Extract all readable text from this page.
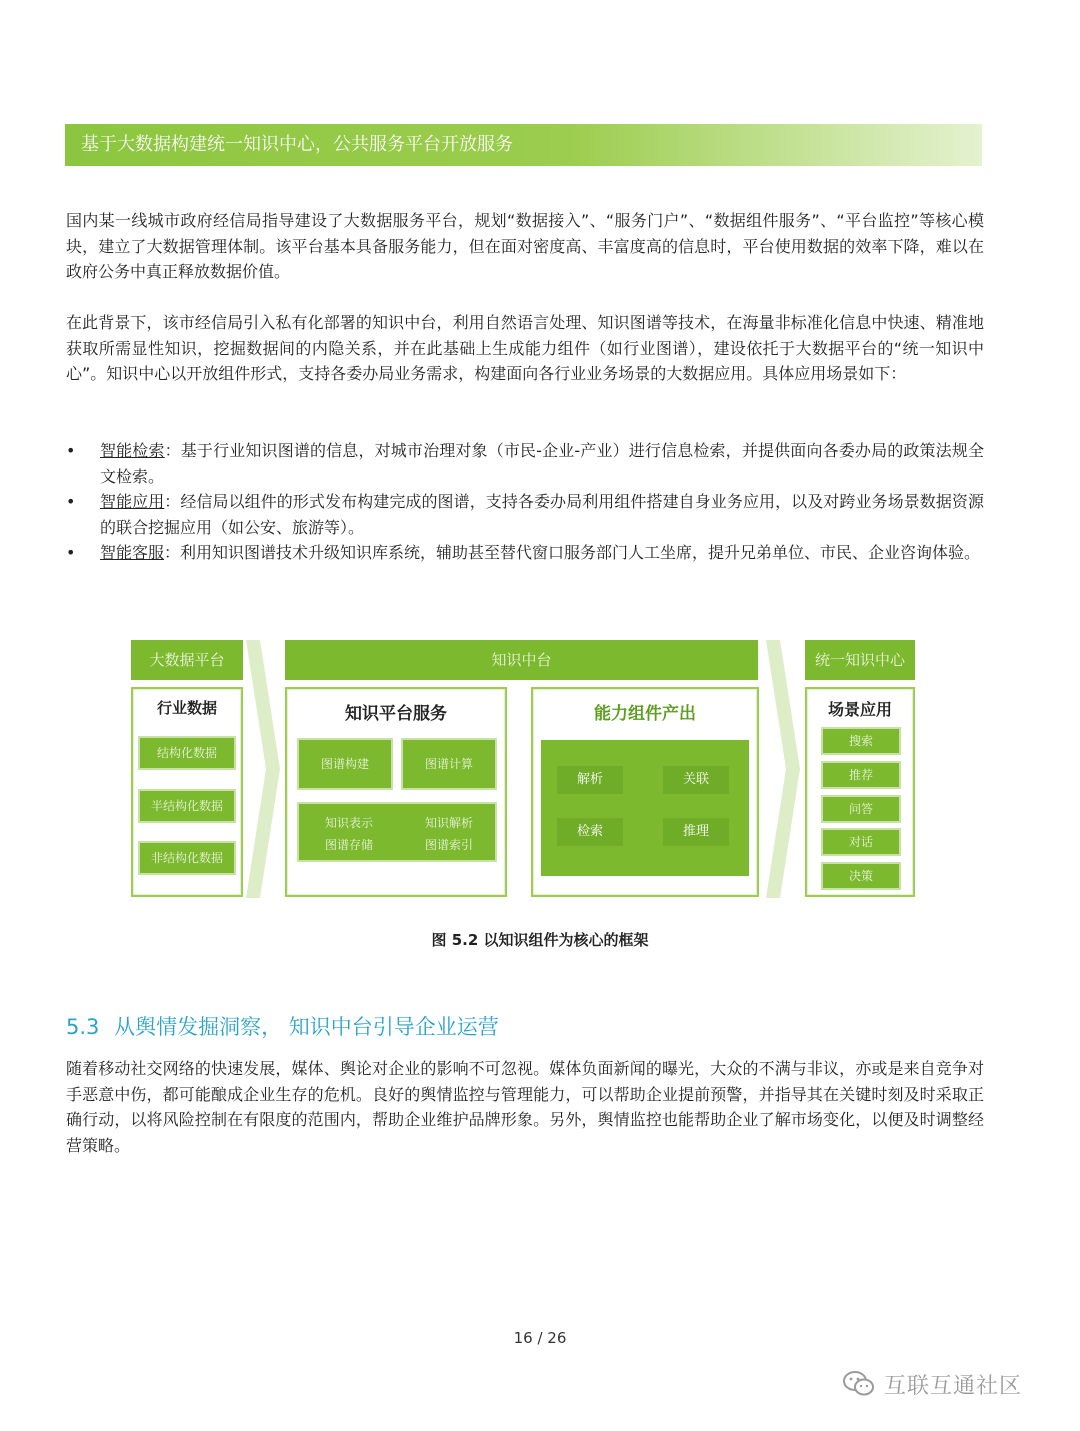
基于大数据构建统一知识中心，公共服务平台开放服务

国内某一线城市政府经信局指导建设了大数据服务平台，规划“数据接入”、“服务门户”、“数据组件服务”、“平台监控”等核心模块，建立了大数据管理体制。该平台基本具备服务能力，但在面对密度高、丰富度高的信息时，平台使用数据的效率下降，难以在政府公务中真正释放数据价值。

在此背景下，该市经信局引入私有化部署的知识中台，利用自然语言处理、知识图谱等技术，在海量非标准化信息中快速、精准地获取所需显性知识，挖掘数据间的内隐关系，并在此基础上生成能力组件（如行业图谱），建设依托于大数据平台的“统一知识中心”。知识中心以开放组件形式，支持各委办局业务需求，构建面向各行业业务场景的大数据应用。具体应用场景如下：

• 智能检索：基于行业知识图谱的信息，对城市治理对象（市民-企业-产业）进行信息检索，并提供面向各委办局的政策法规全文检索。
• 智能应用：经信局以组件的形式发布构建完成的图谱，支持各委办局利用组件搭建自身业务应用，以及对跨业务场景数据资源的联合挖掘应用（如公安、旅游等）。
• 智能客服：利用知识图谱技术升级知识库系统，辅助甚至替代窗口服务部门人工坐席，提升兄弟单位、市民、企业咨询体验。
大数据平台	知识中台	统一知识中心
行业数据
结构化数据
半结构化数据
非结构化数据
知识平台服务
图谱构建	图谱计算
知识表示
图谱存储
知识解析
图谱索引
能力组件产出
解析	关联
检索	推理
场景应用
搜索
推荐
问答
对话
决策
图 5.2 以知识组件为核心的框架
5.3 从舆情发掘洞察， 知识中台引导企业运营

随着移动社交网络的快速发展，媒体、舆论对企业的影响不可忽视。媒体负面新闻的曝光，大众的不满与非议，亦或是来自竞争对手恶意中伤，都可能酿成企业生存的危机。良好的舆情监控与管理能力，可以帮助企业提前预警，并指导其在关键时刻及时采取正确行动，以将风险控制在有限度的范围内，帮助企业维护品牌形象。另外，舆情监控也能帮助企业了解市场变化，以便及时调整经营策略。

16 / 26
互联互通社区
